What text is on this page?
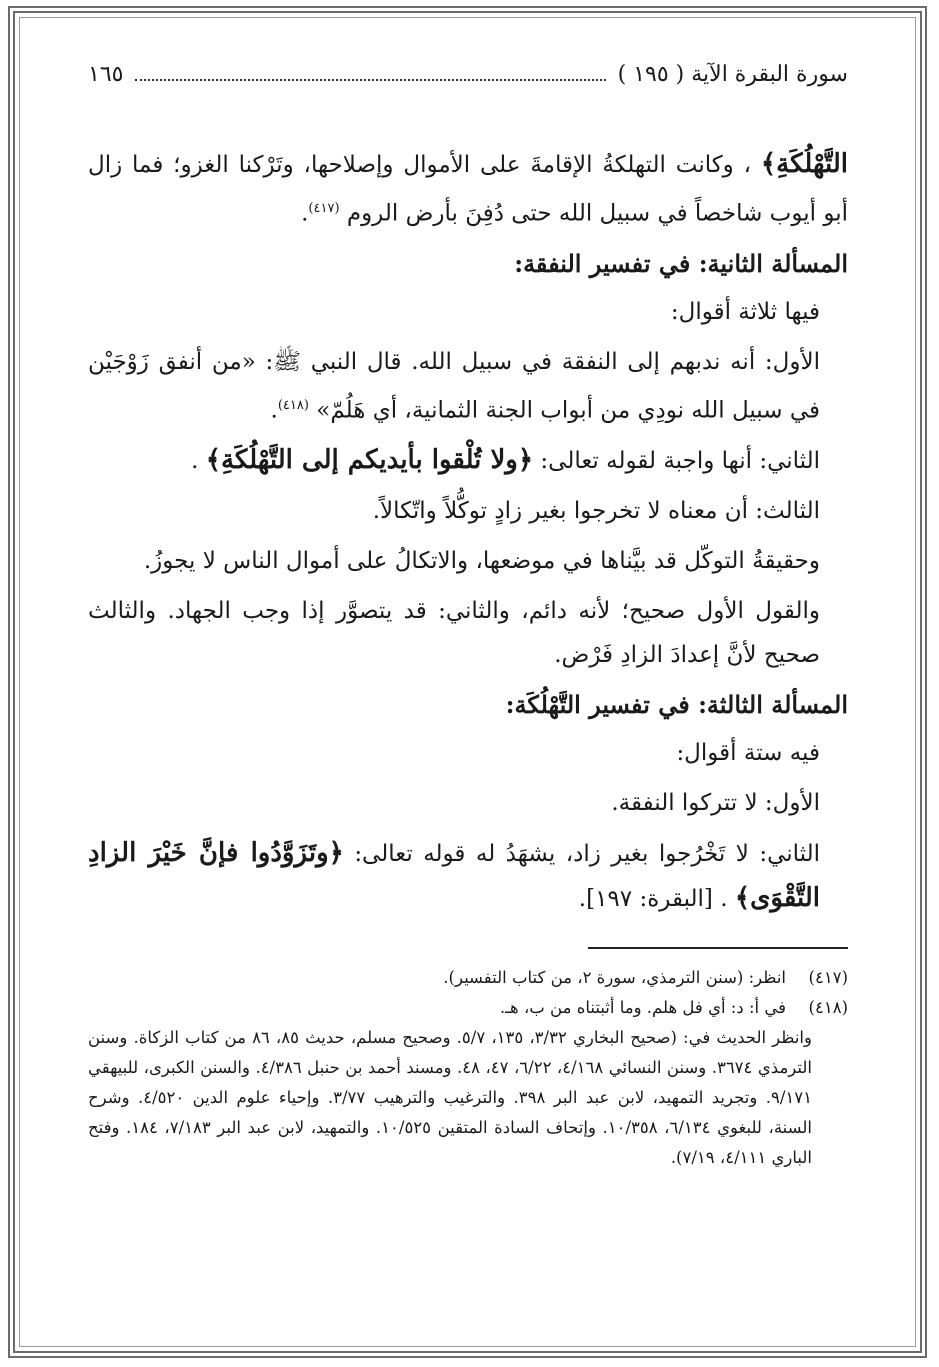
سورة البقرة الآية ( ١٩٥ )
١٦٥

التَّهْلُكَةِ﴾ ، وكانت التهلكةُ الإقامةَ على الأموال وإصلاحها، وتَرْكنا الغزو؛ فما زال أبو أيوب شاخصاً في سبيل الله حتى دُفِنَ بأرض الروم $^{(٤١٧)}$.

المسألة الثانية: في تفسير النفقة:

فيها ثلاثة أقوال:

الأول: أنه ندبهم إلى النفقة في سبيل الله. قال النبي ﷺ: «من أنفق زَوْجَيْن في سبيل الله نودِي من أبواب الجنة الثمانية، أي هَلُمّ» $^{(٤١٨)}$.

الثاني: أنها واجبة لقوله تعالى: ﴿ولا تُلْقوا بأيديكم إلى التَّهْلُكَةِ﴾ .

الثالث: أن معناه لا تخرجوا بغير زادٍ توكُّلاً واتّكالاً.

وحقيقةُ التوكّل قد بيَّناها في موضعها، والاتكالُ على أموال الناس لا يجوزُ.

والقول الأول صحيح؛ لأنه دائم، والثاني: قد يتصوَّر إذا وجب الجهاد. والثالث صحيح لأنَّ إعدادَ الزادِ فَرْض.

المسألة الثالثة: في تفسير التَّهْلُكَة:

فيه ستة أقوال:

الأول: لا تتركوا النفقة.

الثاني: لا تَخْرُجوا بغير زاد، يشهَدُ له قوله تعالى: ﴿وتَزَوَّدُوا فإنَّ خَيْرَ الزادِ التَّقْوَى﴾ . [البقرة: ١٩٧].

(٤١٧)
انظر: (سنن الترمذي، سورة ٢، من كتاب التفسير).
(٤١٨)
في أ: د: أي فل هلم. وما أثبتناه من ب، هـ.
وانظر الحديث في: (صحيح البخاري ٣/٣٢، ١٣٥، ٥/٧. وصحيح مسلم، حديث ٨٥، ٨٦ من كتاب الزكاة. وسنن الترمذي ٣٦٧٤. وسنن النسائي ٤/١٦٨، ٦/٢٢، ٤٧، ٤٨. ومسند أحمد بن حنبل ٤/٣٨٦. والسنن الكبرى، للبيهقي ٩/١٧١. وتجريد التمهيد، لابن عبد البر ٣٩٨. والترغيب والترهيب ٣/٧٧. وإحياء علوم الدين ٤/٥٢٠. وشرح السنة، للبغوي ٦/١٣٤، ١٠/٣٥٨. وإتحاف السادة المتقين ١٠/٥٢٥. والتمهيد، لابن عبد البر ٧/١٨٣، ١٨٤. وفتح الباري ٤/١١١، ٧/١٩).
